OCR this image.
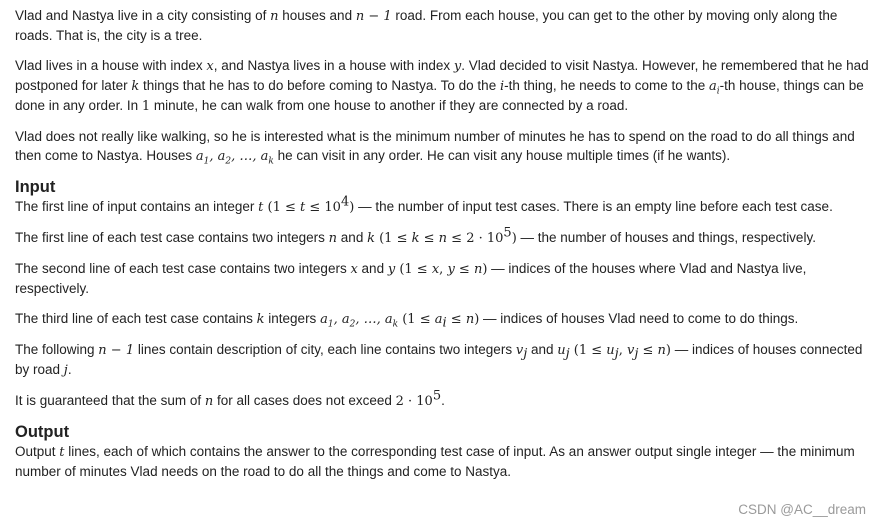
Vlad and Nastya live in a city consisting of n houses and n − 1 road. From each house, you can get to the other by moving only along the roads. That is, the city is a tree.

Vlad lives in a house with index x, and Nastya lives in a house with index y. Vlad decided to visit Nastya. However, he remembered that he had postponed for later k things that he has to do before coming to Nastya. To do the i-th thing, he needs to come to the $a_i-th$ house, things can be done in any order. In 1 minute, he can walk from one house to another if they are connected by a road.

Vlad does not really like walking, so he is interested what is the minimum number of minutes he has to spend on the road to do all things and then come to Nastya. Houses $a_1$, $a_2$, …, $a_k$ he can visit in any order. He can visit any house multiple times (if he wants).

Input

The first line of input contains an integer t $(1 \le t \le 10^4)$ — the number of input test cases. There is an empty line before each test case.

The first line of each test case contains two integers n and k $(1 \le k \le n \le 2 \cdot 10^5)$ — the number of houses and things, respectively.

The second line of each test case contains two integers x and y (1 ≤ x, y ≤ n) — indices of the houses where Vlad and Nastya live, respectively.

The third line of each test case contains k integers $a_1$, $a_2$, …, $a_k$ $(1 \le a_i \le n)$ — indices of houses Vlad need to come to do things.

The following n − 1 lines contain description of city, each line contains two integers $v_j$ and $u_j$ ($1 \le u_j$, $v_j \le n$) — indices of houses connected by road j.

It is guaranteed that the sum of n for all cases does not exceed $2 \cdot 10^5$.

Output

Output t lines, each of which contains the answer to the corresponding test case of input. As an answer output single integer — the minimum number of minutes Vlad needs on the road to do all the things and come to Nastya.

CSDN @AC__dream
